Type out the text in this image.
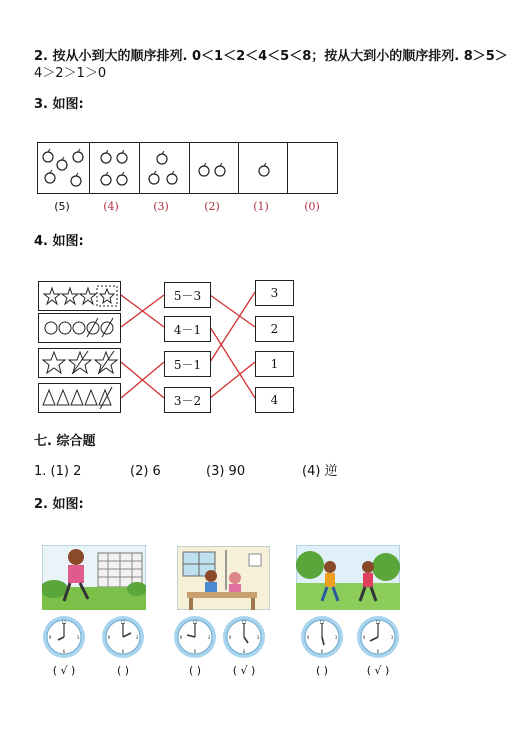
2. 按从小到大的顺序排列. 0＜1＜2＜4＜5＜8；按从大到小的顺序排列. 8＞5＞
4＞2＞1＞0
3. 如图:
(5)	(4)	(3)	(2)	(1)	(0)
4. 如图:
5－3
4－1
5－1
3－2
3
2
1
4
七. 综合题
1. (1) 2	(2) 6	(3) 90	(4) 逆
2. 如图:
12
6
3
9
12
6
3
9
12
6
3
9
12
6
3
9
12
6
3
9
12
6
3
9
( √ )	( )	( )	( √ )	( )	( √ )
